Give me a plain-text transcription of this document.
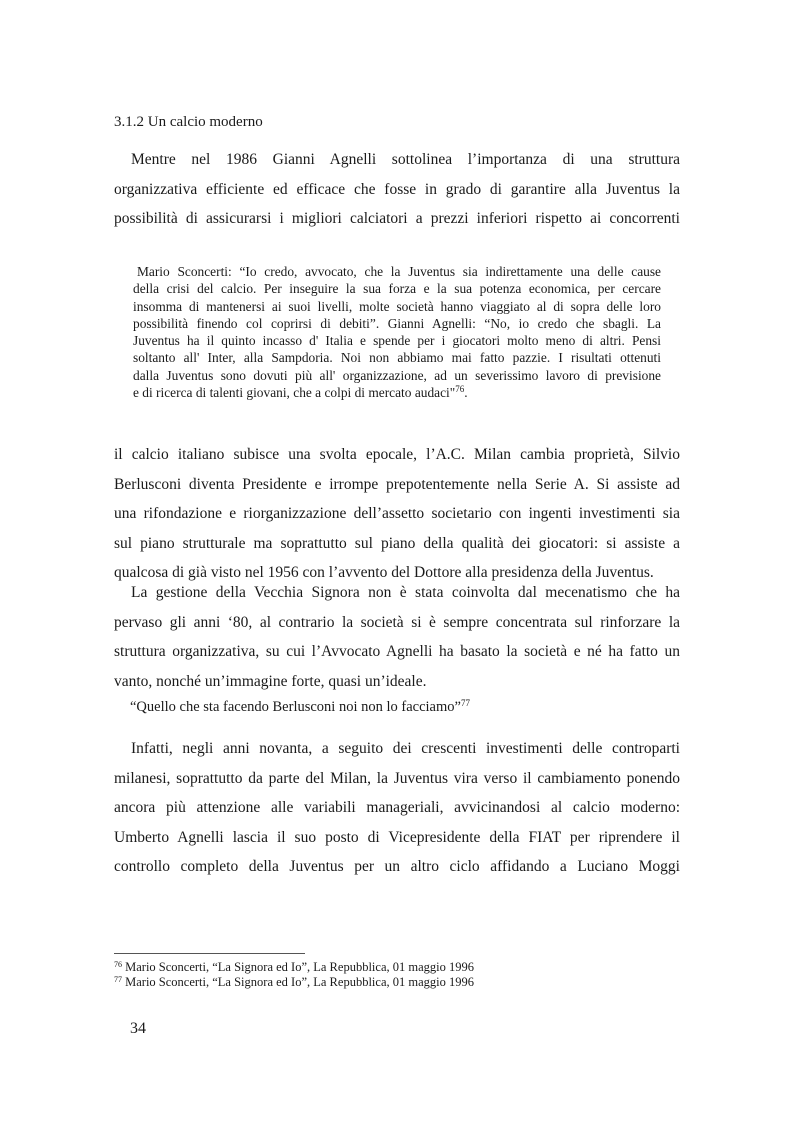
3.1.2 Un calcio moderno
Mentre nel 1986 Gianni Agnelli sottolinea l’importanza di una struttura
organizzativa efficiente ed efficace che fosse in grado di garantire alla Juventus la
possibilità di assicurarsi i migliori calciatori a prezzi inferiori rispetto ai concorrenti
Mario Sconcerti: “Io credo, avvocato, che la Juventus sia indirettamente una delle cause
della crisi del calcio. Per inseguire la sua forza e la sua potenza economica, per cercare
insomma di mantenersi ai suoi livelli, molte società hanno viaggiato al di sopra delle loro
possibilità finendo col coprirsi di debiti”. Gianni Agnelli: “No, io credo che sbagli. La
Juventus ha il quinto incasso d' Italia e spende per i giocatori molto meno di altri. Pensi
soltanto all' Inter, alla Sampdoria. Noi non abbiamo mai fatto pazzie. I risultati ottenuti
dalla Juventus sono dovuti più all' organizzazione, ad un severissimo lavoro di previsione
e di ricerca di talenti giovani, che a colpi di mercato audaci"$^{76}$.
il calcio italiano subisce una svolta epocale, l’A.C. Milan cambia proprietà, Silvio
Berlusconi diventa Presidente e irrompe prepotentemente nella Serie A. Si assiste ad
una rifondazione e riorganizzazione dell’assetto societario con ingenti investimenti sia
sul piano strutturale ma soprattutto sul piano della qualità dei giocatori: si assiste a
qualcosa di già visto nel 1956 con l’avvento del Dottore alla presidenza della Juventus.
La gestione della Vecchia Signora non è stata coinvolta dal mecenatismo che ha
pervaso gli anni ‘80, al contrario la società si è sempre concentrata sul rinforzare la
struttura organizzativa, su cui l’Avvocato Agnelli ha basato la società e né ha fatto un
vanto, nonché un’immagine forte, quasi un’ideale.
“Quello che sta facendo Berlusconi noi non lo facciamo”$^{77}$
Infatti, negli anni novanta, a seguito dei crescenti investimenti delle controparti
milanesi, soprattutto da parte del Milan, la Juventus vira verso il cambiamento ponendo
ancora più attenzione alle variabili manageriali, avvicinandosi al calcio moderno:
Umberto Agnelli lascia il suo posto di Vicepresidente della FIAT per riprendere il
controllo completo della Juventus per un altro ciclo affidando a Luciano Moggi
$^{76}$ Mario Sconcerti, “La Signora ed Io”, La Repubblica, 01 maggio 1996
$^{77}$ Mario Sconcerti, “La Signora ed Io”, La Repubblica, 01 maggio 1996
34
